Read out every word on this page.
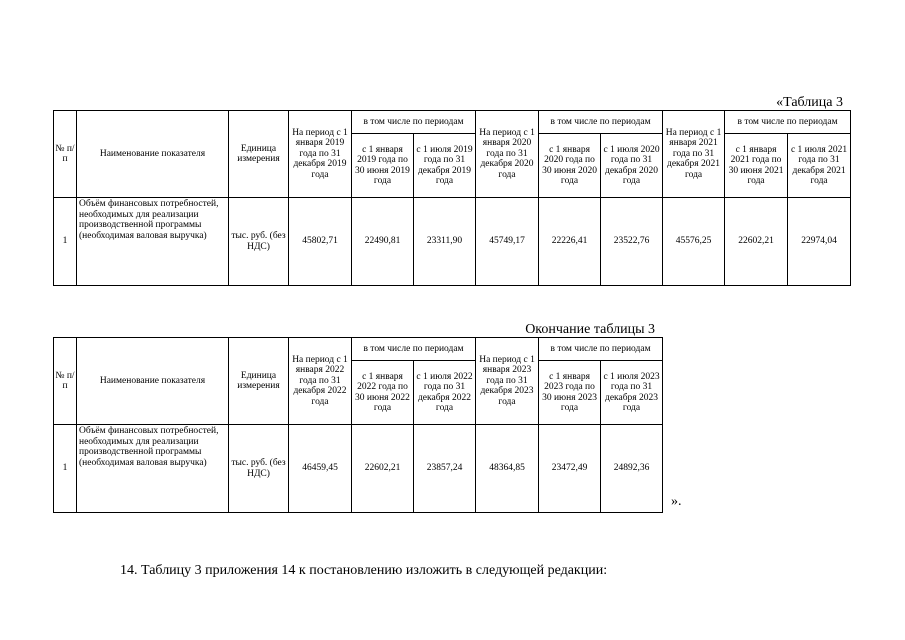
«Таблица 3
№ п/п	Наименование показателя	Единица измерения	На период с 1 января 2019 года по 31 декабря 2019 года	в том числе по периодам		На период с 1 января 2020 года по 31 декабря 2020 года	в том числе по периодам		На период с 1 января 2021 года по 31 декабря 2021 года	в том числе по периодам	
				с 1 января 2019 года по 30 июня 2019 года	с 1 июля 2019 года по 31 декабря 2019 года		с 1 января 2020 года по 30 июня 2020 года	с 1 июля 2020 года по 31 декабря 2020 года		с 1 января 2021 года по 30 июня 2021 года	с 1 июля 2021 года по 31 декабря 2021 года
1	Объём финансовых потребностей, необходимых для реализации производственной программы (необходимая валовая выручка)	тыс. руб. (без НДС)	45802,71	22490,81	23311,90	45749,17	22226,41	23522,76	45576,25	22602,21	22974,04
Окончание таблицы 3
№ п/п	Наименование показателя	Единица измерения	На период с 1 января 2022 года по 31 декабря 2022 года	в том числе по периодам		На период с 1 января 2023 года по 31 декабря 2023 года	в том числе по периодам	
				с 1 января 2022 года по 30 июня 2022 года	с 1 июля 2022 года по 31 декабря 2022 года		с 1 января 2023 года по 30 июня 2023 года	с 1 июля 2023 года по 31 декабря 2023 года
1	Объём финансовых потребностей, необходимых для реализации производственной программы (необходимая валовая выручка)	тыс. руб. (без НДС)	46459,45	22602,21	23857,24	48364,85	23472,49	24892,36
».
14. Таблицу 3 приложения 14 к постановлению изложить в следующей редакции:
